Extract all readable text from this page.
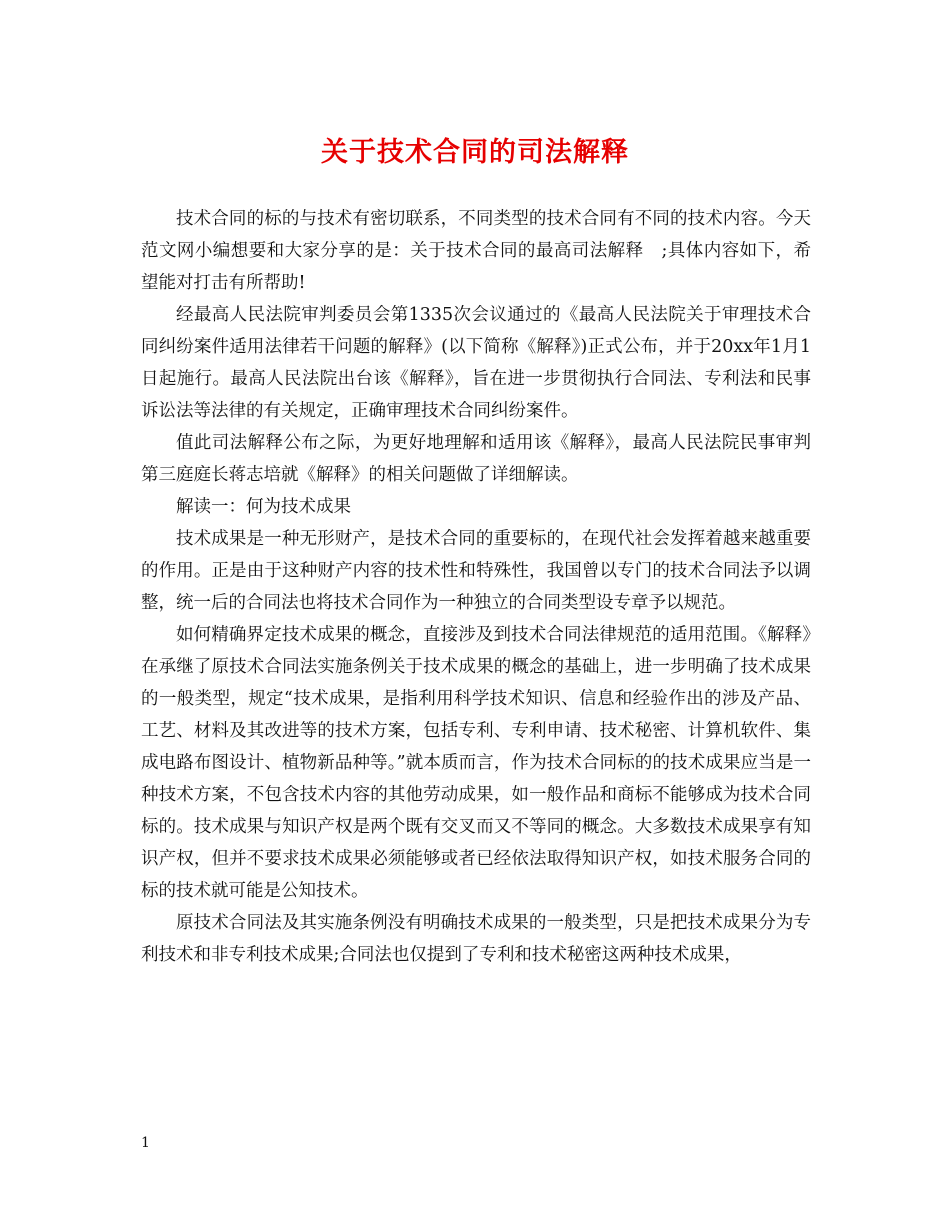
关于技术合同的司法解释

技术合同的标的与技术有密切联系，不同类型的技术合同有不同的技术内容。今天范文网小编想要和大家分享的是：关于技术合同的最高司法解释　;具体内容如下，希望能对打击有所帮助!

经最高人民法院审判委员会第1335次会议通过的《最高人民法院关于审理技术合同纠纷案件适用法律若干问题的解释》(以下简称《解释》)正式公布，并于20xx年1月1日起施行。最高人民法院出台该《解释》，旨在进一步贯彻执行合同法、专利法和民事诉讼法等法律的有关规定，正确审理技术合同纠纷案件。

值此司法解释公布之际，为更好地理解和适用该《解释》，最高人民法院民事审判第三庭庭长蒋志培就《解释》的相关问题做了详细解读。

解读一：何为技术成果

技术成果是一种无形财产，是技术合同的重要标的，在现代社会发挥着越来越重要的作用。正是由于这种财产内容的技术性和特殊性，我国曾以专门的技术合同法予以调整，统一后的合同法也将技术合同作为一种独立的合同类型设专章予以规范。

如何精确界定技术成果的概念，直接涉及到技术合同法律规范的适用范围。《解释》在承继了原技术合同法实施条例关于技术成果的概念的基础上，进一步明确了技术成果的一般类型，规定“技术成果，是指利用科学技术知识、信息和经验作出的涉及产品、工艺、材料及其改进等的技术方案，包括专利、专利申请、技术秘密、计算机软件、集成电路布图设计、植物新品种等。”就本质而言，作为技术合同标的的技术成果应当是一种技术方案，不包含技术内容的其他劳动成果，如一般作品和商标不能够成为技术合同标的。技术成果与知识产权是两个既有交叉而又不等同的概念。大多数技术成果享有知识产权，但并不要求技术成果必须能够或者已经依法取得知识产权，如技术服务合同的标的技术就可能是公知技术。

原技术合同法及其实施条例没有明确技术成果的一般类型，只是把技术成果分为专利技术和非专利技术成果;合同法也仅提到了专利和技术秘密这两种技术成果，

1
